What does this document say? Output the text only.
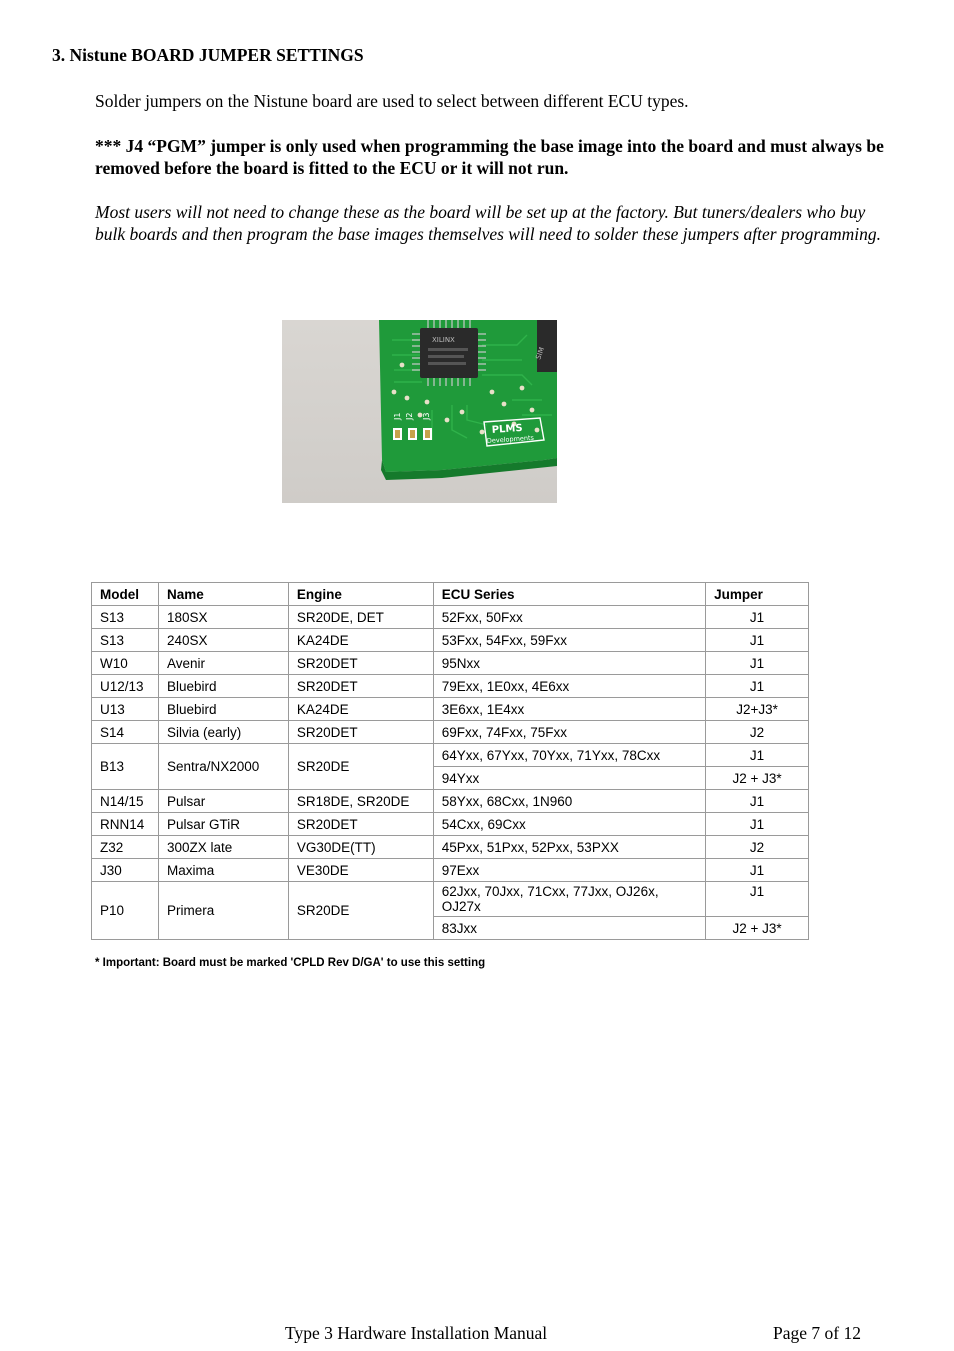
3. Nistune BOARD JUMPER SETTINGS

Solder jumpers on the Nistune board are used to select between different ECU types.

*** J4 “PGM” jumper is only used when programming the base image into the board and must always be removed before the board is fitted to the ECU or it will not run.

Most users will not need to change these as the board will be set up at the factory. But tuners/dealers who buy bulk boards and then program the base images themselves will need to solder these jumpers after programming.

XILINX
SIM
J1 J2 J3
PLMS
Developments
Model	Name	Engine	ECU Series	Jumper
S13	180SX	SR20DE, DET	52Fxx, 50Fxx	J1
S13	240SX	KA24DE	53Fxx, 54Fxx, 59Fxx	J1
W10	Avenir	SR20DET	95Nxx	J1
U12/13	Bluebird	SR20DET	79Exx, 1E0xx, 4E6xx	J1
U13	Bluebird	KA24DE	3E6xx, 1E4xx	J2+J3*
S14	Silvia (early)	SR20DET	69Fxx, 74Fxx, 75Fxx	J2
B13	Sentra/NX2000	SR20DE	64Yxx, 67Yxx, 70Yxx, 71Yxx, 78Cxx	J1
			94Yxx	J2 + J3*
N14/15	Pulsar	SR18DE, SR20DE	58Yxx, 68Cxx, 1N960	J1
RNN14	Pulsar GTiR	SR20DET	54Cxx, 69Cxx	J1
Z32	300ZX late	VG30DE(TT)	45Pxx, 51Pxx, 52Pxx, 53PXX	J2
J30	Maxima	VE30DE	97Exx	J1
P10	Primera	SR20DE	62Jxx, 70Jxx, 71Cxx, 77Jxx, OJ26x, OJ27x	J1
			83Jxx	J2 + J3*

* Important: Board must be marked 'CPLD Rev D/GA' to use this setting

Type 3 Hardware Installation Manual	Page 7 of 12
